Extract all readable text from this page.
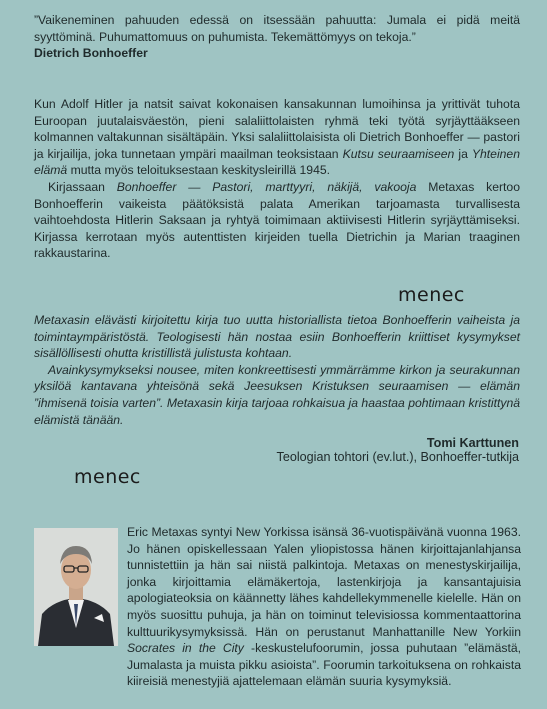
”Vaikeneminen pahuuden edessä on itsessään pahuutta: Jumala ei pidä meitä syyttöminä. Puhumattomuus on puhumista. Tekemättömyys on tekoja.”

Dietrich Bonhoeffer

Kun Adolf Hitler ja natsit saivat kokonaisen kansakunnan lumoihinsa ja yrittivät tuhota Euroopan juutalaisväestön, pieni salaliittolaisten ryhmä teki työtä syrjäyttääkseen kolmannen valtakunnan sisältäpäin. Yksi salaliittolaisista oli Dietrich Bonhoeffer — pastori ja kirjailija, joka tunnetaan ympäri maailman teoksistaan Kutsu seuraamiseen ja Yhteinen elämä mutta myös teloituksestaan keskitysleirillä 1945.

Kirjassaan Bonhoeffer — Pastori, marttyyri, näkijä, vakooja Metaxas kertoo Bonhoefferin vaikeista päätöksistä palata Amerikan tarjoamasta turvallisesta vaihtoehdosta Hitlerin Saksaan ja ryhtyä toimimaan aktiivisesti Hitlerin syrjäyttämiseksi. Kirjassa kerrotaan myös autenttisten kirjeiden tuella Dietrichin ja Marian traaginen rakkaustarina.

menec

Metaxasin elävästi kirjoitettu kirja tuo uutta historiallista tietoa Bonhoefferin vaiheista ja toimintaympäristöstä. Teologisesti hän nostaa esiin Bonhoefferin kriittiset kysymykset sisällöllisesti ohutta kristillistä julistusta kohtaan.

Avainkysymykseksi nousee, miten konkreettisesti ymmärrämme kirkon ja seurakunnan yksilöä kantavana yhteisönä sekä Jeesuksen Kristuksen seuraamisen — elämän ”ihmisenä toisia varten”. Metaxasin kirja tarjoaa rohkaisua ja haastaa pohtimaan kristittynä elämistä tänään.

Tomi Karttunen
Teologian tohtori (ev.lut.), Bonhoeffer-tutkija
menec
Eric Metaxas syntyi New Yorkissa isänsä 36-vuotispäivänä vuonna 1963. Jo hänen opiskellessaan Yalen yliopistossa hänen kirjoittajanlahjansa tunnistettiin ja hän sai niistä palkintoja. Metaxas on menestyskirjailija, jonka kirjoittamia elämäkertoja, lastenkirjoja ja kansantajuisia apologiateoksia on käännetty lähes kahdellekymmenelle kielelle. Hän on myös suosittu puhuja, ja hän on toiminut televisiossa kommentaattorina kulttuurikysymyksissä. Hän on perustanut Manhattanille New Yorkiin Socrates in the City -keskustelufoorumin, jossa puhutaan ”elämästä, Jumalasta ja muista pikku asioista”. Foorumin tarkoituksena on rohkaista kiireisiä menestyjiä ajattelemaan elämän suuria kysymyksiä.
